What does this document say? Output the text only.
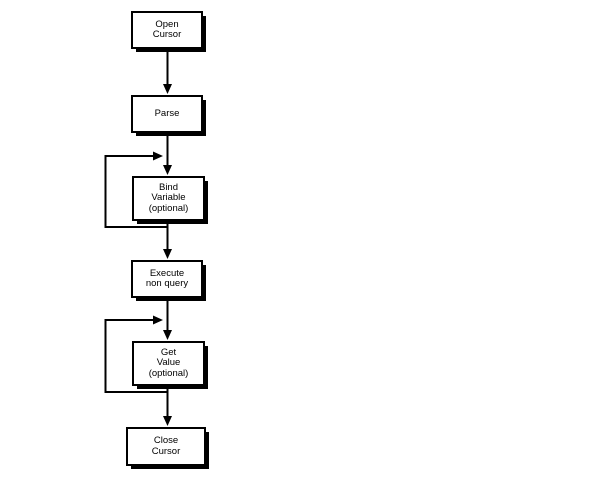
Open
Cursor
Parse
Bind
Variable
(optional)
Execute
non query
Get
Value
(optional)
Close
Cursor
